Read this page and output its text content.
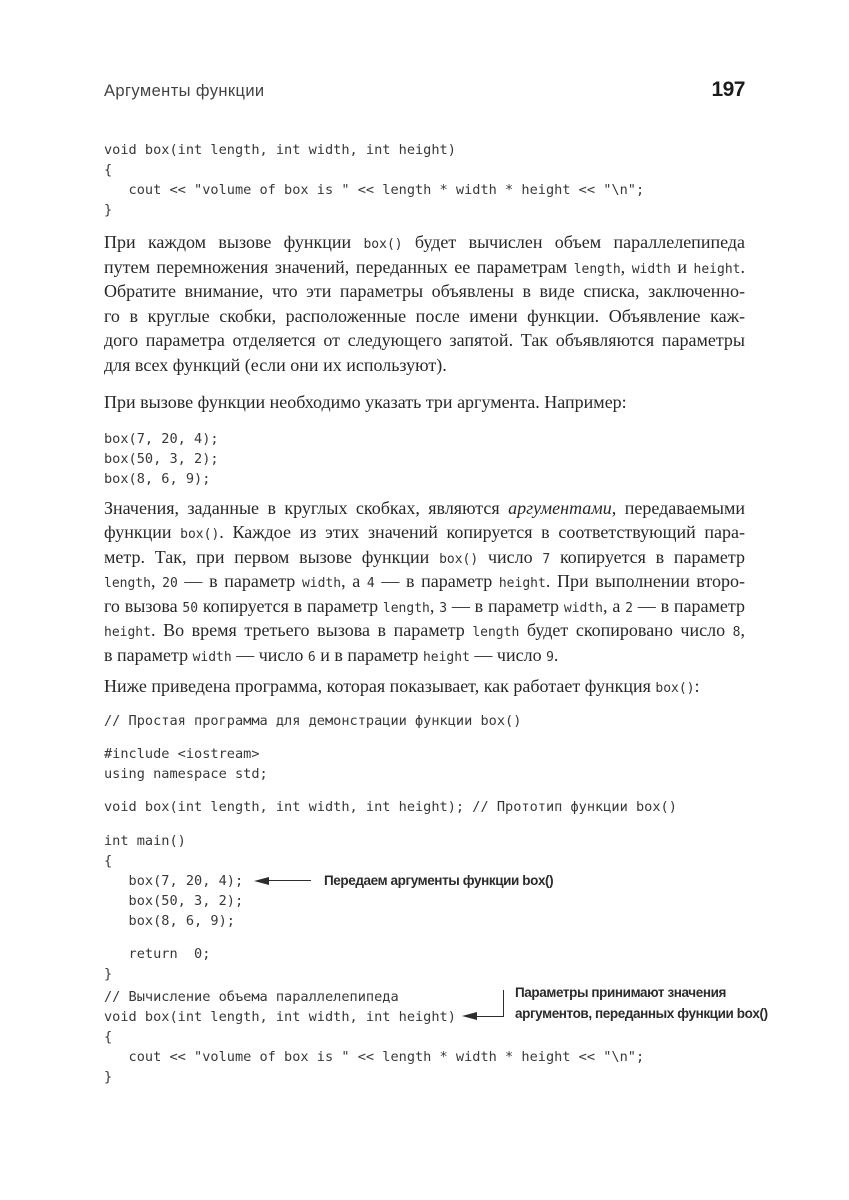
Аргументы функции	197
void box(int length, int width, int height)
{
cout << "volume of box is " << length * width * height << "\n";
}
При каждом вызове функции box() будет вычислен объем параллелепипеда
путем перемножения значений, переданных ее параметрам length, width и height.
Обратите внимание, что эти параметры объявлены в виде списка, заключенно-
го в круглые скобки, расположенные после имени функции. Объявление каж-
дого параметра отделяется от следующего запятой. Так объявляются параметры
для всех функций (если они их используют).
При вызове функции необходимо указать три аргумента. Например:
box(7, 20, 4);
box(50, 3, 2);
box(8, 6, 9);
Значения, заданные в круглых скобках, являются аргументами, передаваемыми
функции box(). Каждое из этих значений копируется в соответствующий пара-
метр. Так, при первом вызове функции box() число 7 копируется в параметр
length, 20 — в параметр width, а 4 — в параметр height. При выполнении второ-
го вызова 50 копируется в параметр length, 3 — в параметр width, а 2 — в параметр
height. Во время третьего вызова в параметр length будет скопировано число 8,
в параметр width — число 6 и в параметр height — число 9.
Ниже приведена программа, которая показывает, как работает функция box():
// Простая программа для демонстрации функции box()
#include <iostream>
using namespace std;
void box(int length, int width, int height); // Прототип функции box()
int main()
{
box(7, 20, 4);
box(50, 3, 2);
box(8, 6, 9);
return  0;
}
Передаем аргументы функции box()
// Вычисление объема параллелепипеда
void box(int length, int width, int height)
{
cout << "volume of box is " << length * width * height << "\n";
}
Параметры принимают значения
аргументов, переданных функции box()
